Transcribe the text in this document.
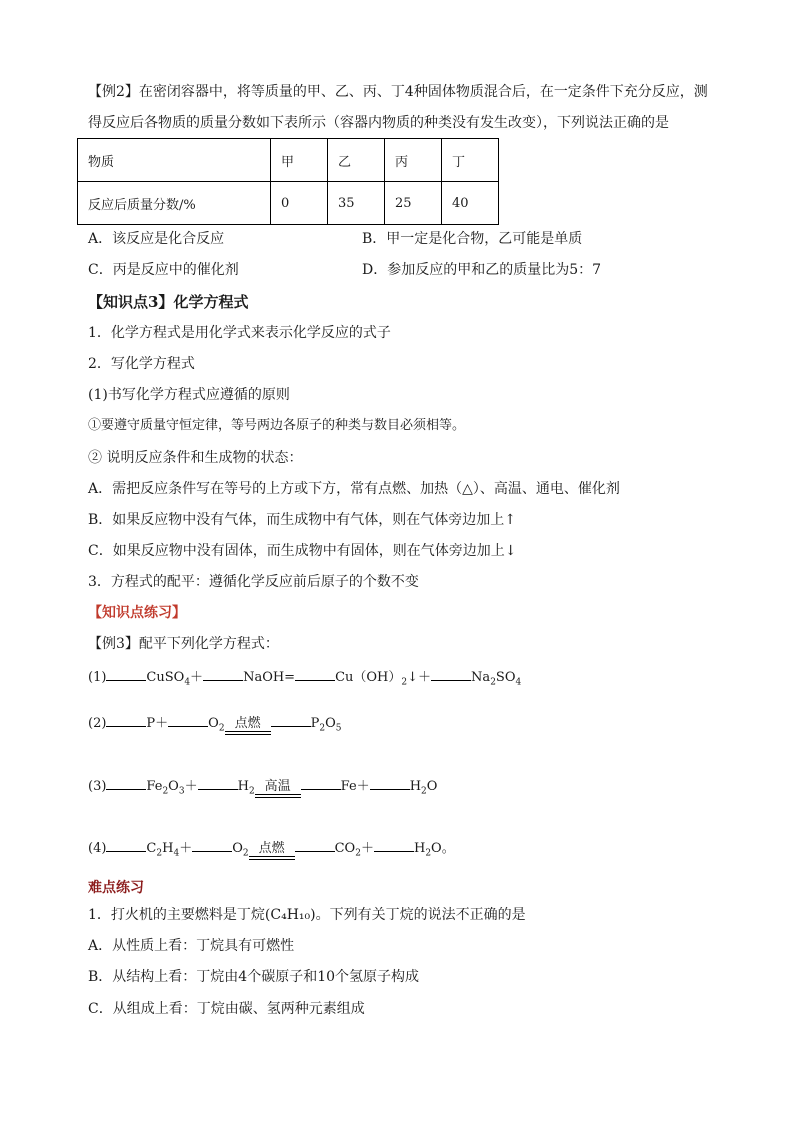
【例2】在密闭容器中，将等质量的甲、乙、丙、丁4种固体物质混合后，在一定条件下充分反应，测
得反应后各物质的质量分数如下表所示（容器内物质的种类没有发生改变），下列说法正确的是
物质	甲	乙	丙	丁
反应后质量分数/%	0	35	25	40
A．该反应是化合反应	B．甲一定是化合物，乙可能是单质
C．丙是反应中的催化剂	D．参加反应的甲和乙的质量比为5：7
【知识点3】化学方程式
1．化学方程式是用化学式来表示化学反应的式子
2．写化学方程式
(1)书写化学方程式应遵循的原则
①要遵守质量守恒定律，等号两边各原子的种类与数目必须相等。
② 说明反应条件和生成物的状态：
A．需把反应条件写在等号的上方或下方，常有点燃、加热（△）、高温、通电、催化剂
B．如果反应物中没有气体，而生成物中有气体，则在气体旁边加上↑
C．如果反应物中没有固体，而生成物中有固体，则在气体旁边加上↓
3．方程式的配平：遵循化学反应前后原子的个数不变
【知识点练习】
【例3】配平下列化学方程式：
(1)	CuSO$_4$＋	NaOH=	$Cu(OH)_2↓+$	$Na_2SO_4$
(2)	P＋	$O_2$ 点燃	$P_2O_5$
(3)	$Fe_2O_3+$	$H_2$ 高温	Fe＋	$H_2O$
(4)	$C_2H_4+$	$O_2$ 点燃	$CO_2+$	$H_2O$。
难点练习
1．打火机的主要燃料是丁烷(C₄H₁₀)。下列有关丁烷的说法不正确的是
A．从性质上看：丁烷具有可燃性
B．从结构上看：丁烷由4个碳原子和10个氢原子构成
C．从组成上看：丁烷由碳、氢两种元素组成
